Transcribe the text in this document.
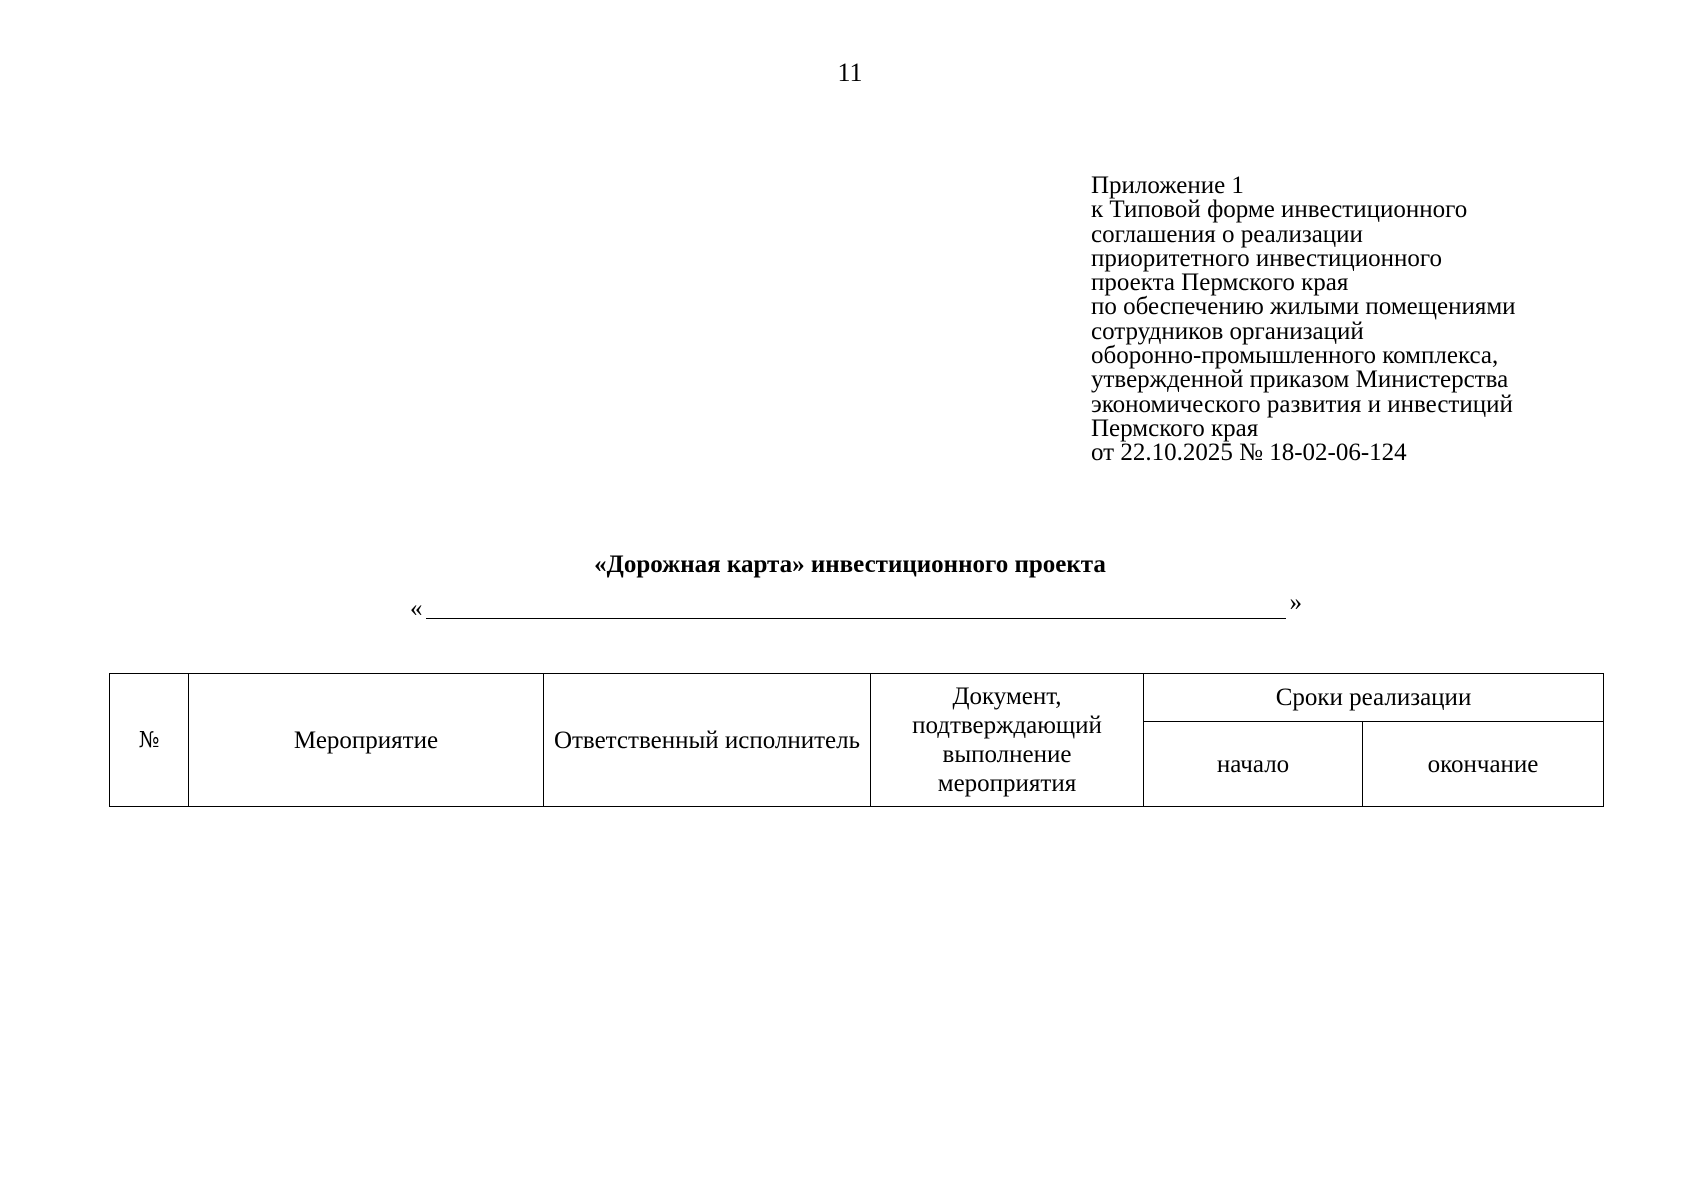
11
Приложение 1
к Типовой форме инвестиционного
соглашения о реализации
приоритетного инвестиционного
проекта Пермского края
по обеспечению жилыми помещениями
сотрудников организаций
оборонно-промышленного комплекса,
утвержденной приказом Министерства
экономического развития и инвестиций
Пермского края
от 22.10.2025 № 18-02-06-124
«Дорожная карта» инвестиционного проекта
«	»
№	Мероприятие	Ответственный исполнитель	Документ, подтверждающий выполнение мероприятия	Сроки реализации	
				начало	окончание
